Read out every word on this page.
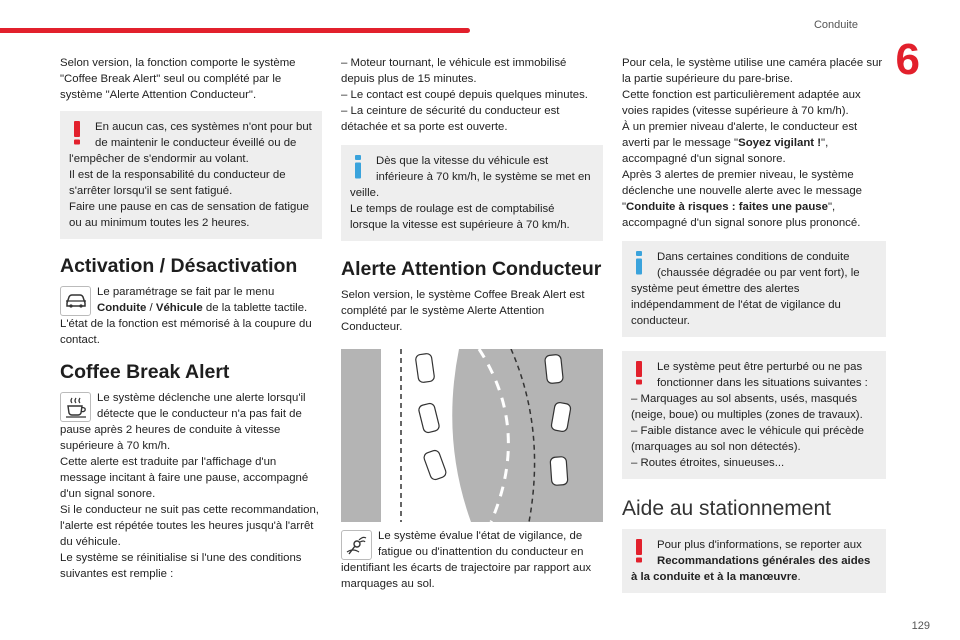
Conduite
6
129

Selon version, la fonction comporte le système "Coffee Break Alert" seul ou complété par le système "Alerte Attention Conducteur".

En aucun cas, ces systèmes n'ont pour but de maintenir le conducteur éveillé ou de l'empêcher de s'endormir au volant.
Il est de la responsabilité du conducteur de s'arrêter lorsqu'il se sent fatigué.
Faire une pause en cas de sensation de fatigue ou au minimum toutes les 2 heures.
Activation / Désactivation
Le paramétrage se fait par le menu Conduite / Véhicule de la tablette tactile.
L'état de la fonction est mémorisé à la coupure du contact.
Coffee Break Alert
Le système déclenche une alerte lorsqu'il détecte que le conducteur n'a pas fait de pause après 2 heures de conduite à vitesse supérieure à 70 km/h.
Cette alerte est traduite par l'affichage d'un message incitant à faire une pause, accompagné d'un signal sonore.
Si le conducteur ne suit pas cette recommandation, l'alerte est répétée toutes les heures jusqu'à l'arrêt du véhicule.
Le système se réinitialise si l'une des conditions suivantes est remplie :
– Moteur tournant, le véhicule est immobilisé depuis plus de 15 minutes.
– Le contact est coupé depuis quelques minutes.
– La ceinture de sécurité du conducteur est détachée et sa porte est ouverte.
Dès que la vitesse du véhicule est inférieure à 70 km/h, le système se met en veille.
Le temps de roulage est de comptabilisé lorsque la vitesse est supérieure à 70 km/h.
Alerte Attention Conducteur

Selon version, le système Coffee Break Alert est complété par le système Alerte Attention Conducteur.

Le système évalue l'état de vigilance, de fatigue ou d'inattention du conducteur en identifiant les écarts de trajectoire par rapport aux marquages au sol.
Pour cela, le système utilise une caméra placée sur la partie supérieure du pare-brise.
Cette fonction est particulièrement adaptée aux voies rapides (vitesse supérieure à 70 km/h).

À un premier niveau d'alerte, le conducteur est averti par le message "Soyez vigilant !", accompagné d'un signal sonore.

Après 3 alertes de premier niveau, le système déclenche une nouvelle alerte avec le message "Conduite à risques : faites une pause", accompagné d'un signal sonore plus prononcé.

Dans certaines conditions de conduite (chaussée dégradée ou par vent fort), le système peut émettre des alertes indépendamment de l'état de vigilance du conducteur.
Le système peut être perturbé ou ne pas fonctionner dans les situations suivantes :
– Marquages au sol absents, usés, masqués (neige, boue) ou multiples (zones de travaux).
– Faible distance avec le véhicule qui précède (marquages au sol non détectés).
– Routes étroites, sinueuses...
Aide au stationnement
Pour plus d'informations, se reporter aux Recommandations générales des aides à la conduite et à la manœuvre.
